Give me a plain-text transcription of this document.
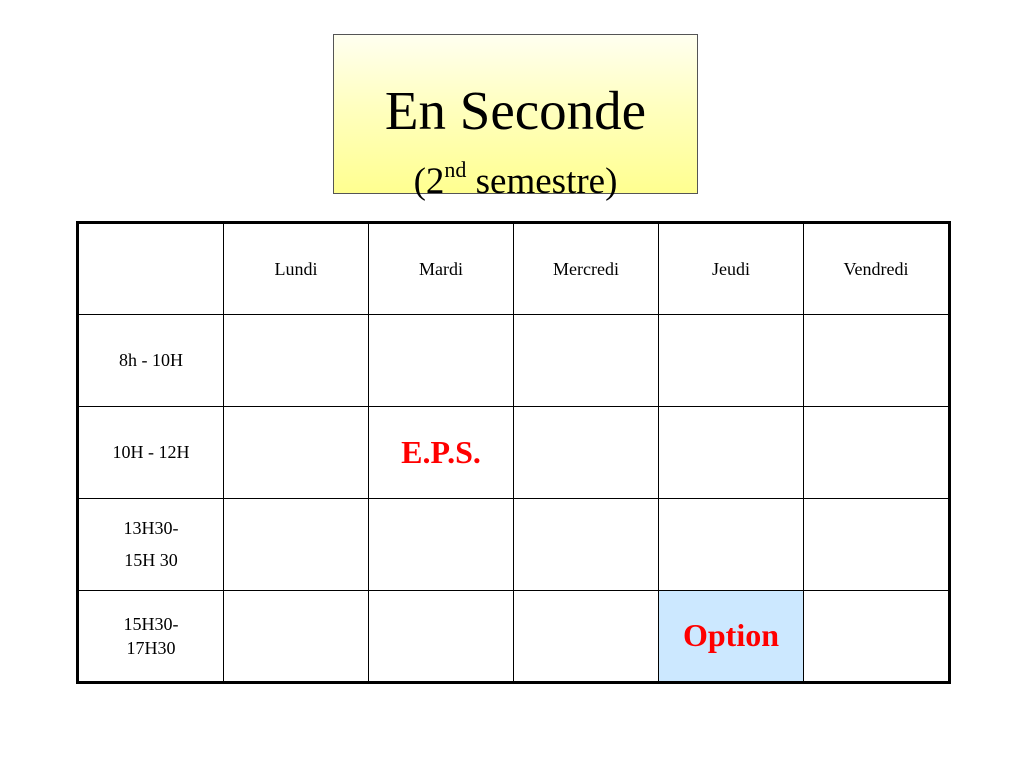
En Seconde
(2nd semestre)
	Lundi	Mardi	Mercredi	Jeudi	Vendredi

8h - 10H					

10H - 12H		E.P.S.			

13H30-
15H 30					

15H30-
17H30				Option	
